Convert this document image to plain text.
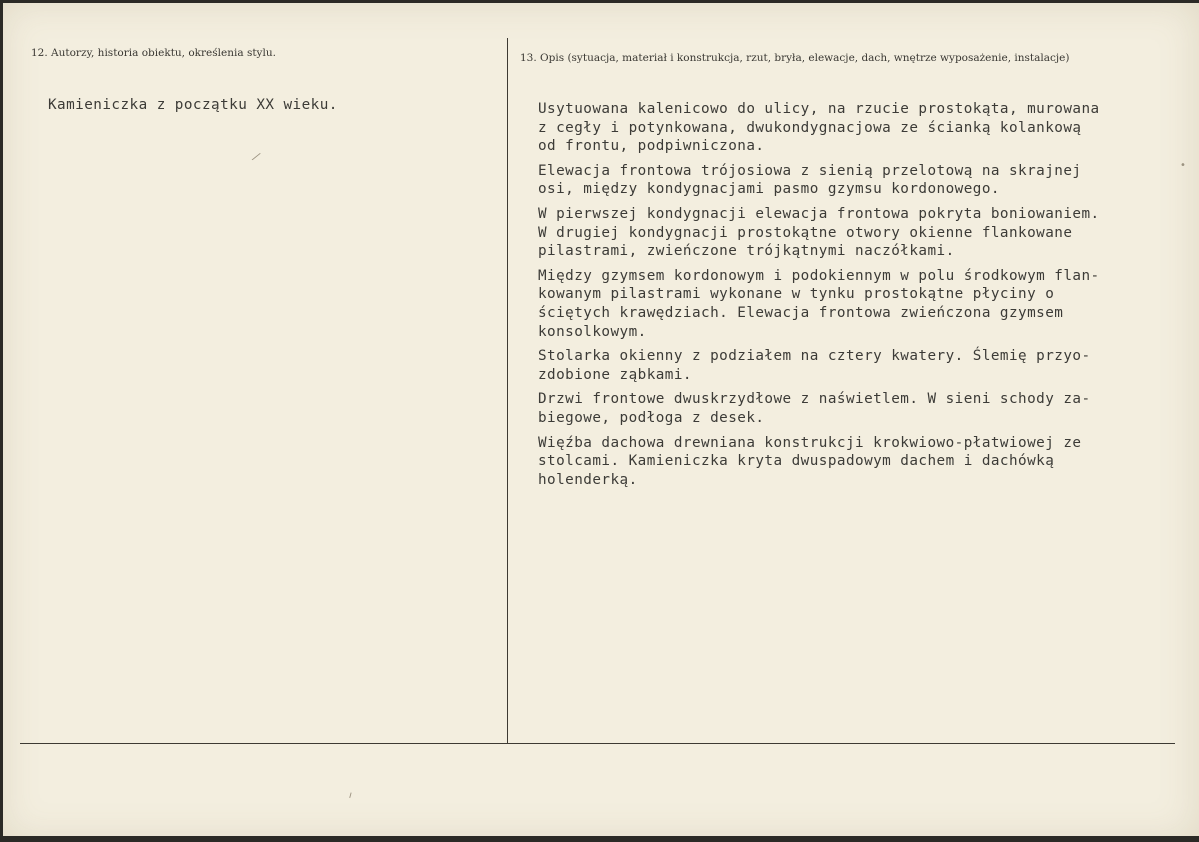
12. Autorzy, historia obiektu, określenia stylu.	13. Opis (sytuacja, materiał i konstrukcja, rzut, bryła, elewacje, dach, wnętrze wyposażenie, instalacje)
Kamieniczka z początku XX wieku.	Usytuowana kalenicowo do ulicy, na rzucie prostokąta, murowana
z cegły i potynkowana, dwukondygnacjowa ze ścianką kolankową
od frontu, podpiwniczona.
Elewacja frontowa trójosiowa z sienią przelotową na skrajnej
osi, między kondygnacjami pasmo gzymsu kordonowego.
W pierwszej kondygnacji elewacja frontowa pokryta boniowaniem.
W drugiej kondygnacji prostokątne otwory okienne flankowane
pilastrami, zwieńczone trójkątnymi naczółkami.
Między gzymsem kordonowym i podokiennym w polu środkowym flan-
kowanym pilastrami wykonane w tynku prostokątne płyciny o
ściętych krawędziach. Elewacja frontowa zwieńczona gzymsem
konsolkowym.
Stolarka okienny z podziałem na cztery kwatery. Ślemię przyo-
zdobione ząbkami.
Drzwi frontowe dwuskrzydłowe z naświetlem. W sieni schody za-
biegowe, podłoga z desek.
Więźba dachowa drewniana konstrukcji krokwiowo-płatwiowej ze
stolcami. Kamieniczka kryta dwuspadowym dachem i dachówką
holenderką.
⁄
•
ı
